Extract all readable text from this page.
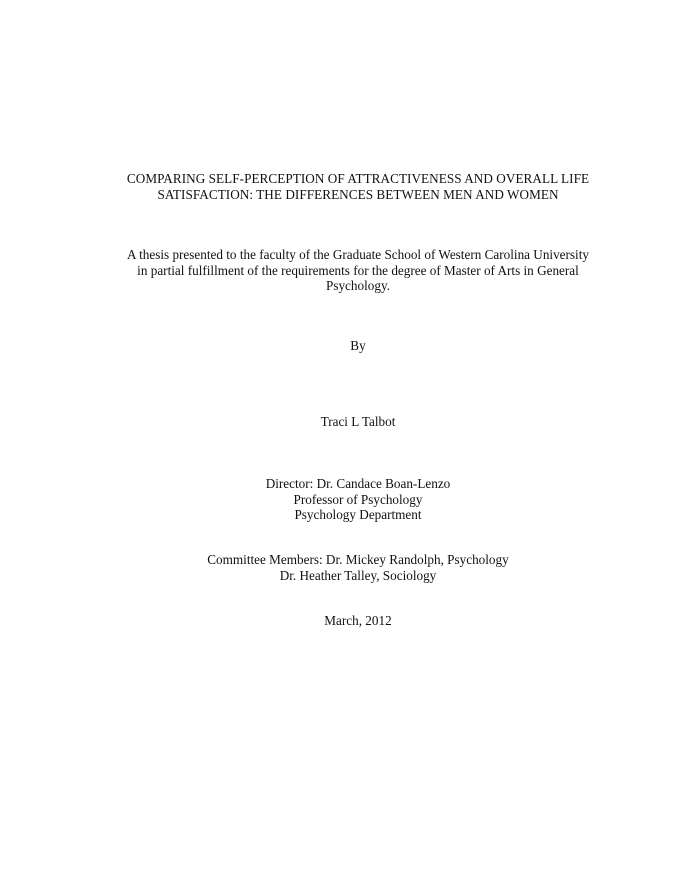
COMPARING SELF-PERCEPTION OF ATTRACTIVENESS AND OVERALL LIFE
SATISFACTION: THE DIFFERENCES BETWEEN MEN AND WOMEN
A thesis presented to the faculty of the Graduate School of Western Carolina University
in partial fulfillment of the requirements for the degree of Master of Arts in General
Psychology.
By
Traci L Talbot
Director: Dr. Candace Boan-Lenzo
Professor of Psychology
Psychology Department
Committee Members: Dr. Mickey Randolph, Psychology
Dr. Heather Talley, Sociology
March, 2012
